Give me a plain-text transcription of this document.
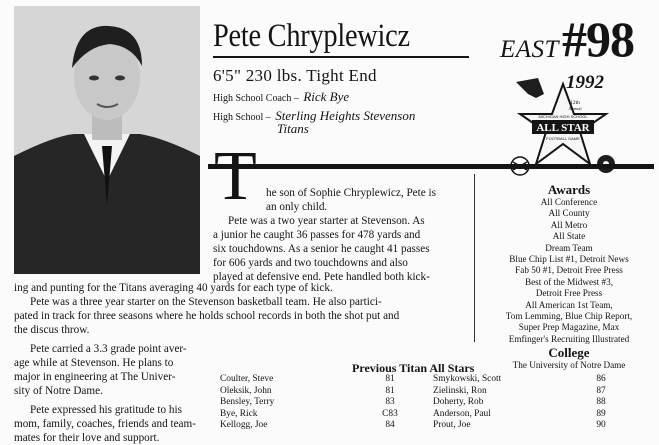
Pete Chryplewicz	EAST #98
6'5" 230 lbs. Tight End
High School Coach – Rick Bye
High School – Sterling Heights Stevenson
Titans
1992
ALL STAR
12th
Annual
MICHIGAN HIGH SCHOOL
FOOTBALL GAME
T he son of Sophie Chryplewicz, Pete is
an only child.
Pete was a two year starter at Stevenson. As
a junior he caught 36 passes for 478 yards and
six touchdowns. As a senior he caught 41 passes
for 606 yards and two touchdowns and also
played at defensive end. Pete handled both kick-
ing and punting for the Titans averaging 40 yards for each type of kick.
Pete was a three year starter on the Stevenson basketball team. He also partici-
pated in track for three seasons where he holds school records in both the shot put and
the discus throw.
Pete carried a 3.3 grade point aver-
age while at Stevenson. He plans to
major in engineering at The Univer-
sity of Notre Dame.
Pete expressed his gratitude to his
mom, family, coaches, friends and team-
mates for their love and support.
Awards
All Conference
All County
All Metro
All State
Dream Team
Blue Chip List #1, Detroit News
Fab 50 #1, Detroit Free Press
Best of the Midwest #3,
Detroit Free Press
All American 1st Team,
Tom Lemming, Blue Chip Report,
Super Prep Magazine, Max
Emfinger's Recruiting Illustrated
College
The University of Notre Dame
Previous Titan All Stars
Coulter, Steve	81	Smykowski, Scott	86
Oleksik, John	81	Zielinski, Ron	87
Bensley, Terry	83	Doherty, Rob	88
Bye, Rick	C83	Anderson, Paul	89
Kellogg, Joe	84	Prout, Joe	90
